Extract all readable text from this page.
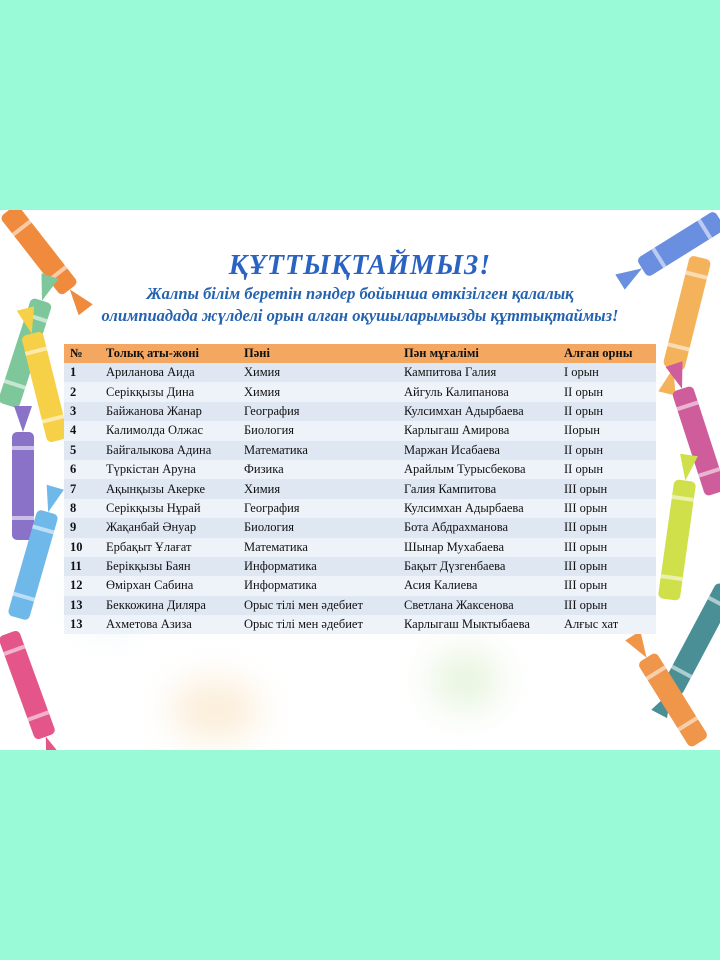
ҚҰТТЫҚТАЙМЫЗ!
Жалпы білім беретін пәндер бойынша өткізілген қалалық
олимпиадада жүлделі орын алған оқушыларымызды құттықтаймыз!
№	Толық аты-жөні	Пәні	Пән мұғалімі	Алған орны
1	Ариланова Аида	Химия	Кампитова Галия	I орын
2	Серікқызы Дина	Химия	Айгуль Калипанова	II орын
3	Байжанова Жанар	География	Кулсимхан Адырбаева	II орын
4	Калимолда Олжас	Биология	Карлыгаш Амирова	IIорын
5	Байгалыкова Адина	Математика	Маржан Исабаева	II орын
6	Түркістан Аруна	Физика	Арайлым Турысбекова	II орын
7	Ақынқызы Акерке	Химия	Галия Кампитова	III орын
8	Серікқызы Нұрай	География	Кулсимхан Адырбаева	III орын
9	Жақанбай Әнуар	Биология	Бота Абдрахманова	III орын
10	Ербақыт Ұлағат	Математика	Шынар Мухабаева	III орын
11	Берікқызы Баян	Информатика	Бақыт Дүзгенбаева	III орын
12	Өмірхан Сабина	Информатика	Асия Калиева	III орын
13	Беккожина Диляра	Орыс тілі мен әдебиет	Светлана Жаксенова	III орын
13	Ахметова Азиза	Орыс тілі мен әдебиет	Карлыгаш Мыктыбаева	Алғыс хат
